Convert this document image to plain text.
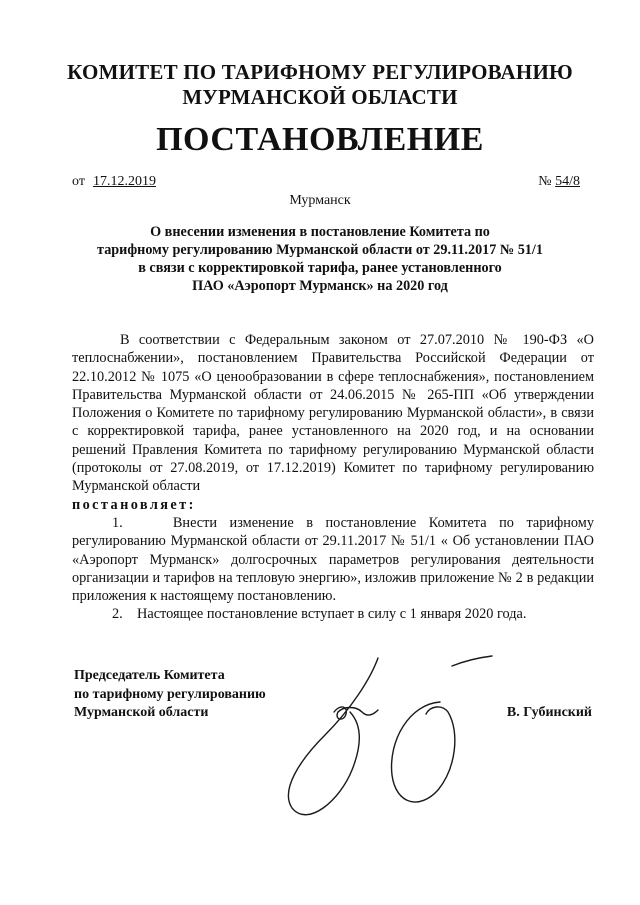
КОМИТЕТ ПО ТАРИФНОМУ РЕГУЛИРОВАНИЮ
МУРМАНСКОЙ ОБЛАСТИ
ПОСТАНОВЛЕНИЕ
от 17.12.2019	№ 54/8
Мурманск
О внесении изменения в постановление Комитета по
тарифному регулированию Мурманской области от 29.11.2017 № 51/1
в связи с корректировкой тарифа, ранее установленного
ПАО «Аэропорт Мурманск» на 2020 год

В соответствии с Федеральным законом от 27.07.2010 № 190-ФЗ «О теплоснабжении», постановлением Правительства Российской Федерации от 22.10.2012 № 1075 «О ценообразовании в сфере теплоснабжения», постановлением Правительства Мурманской области от 24.06.2015 № 265-ПП «Об утверждении Положения о Комитете по тарифному регулированию Мурманской области», в связи с корректировкой тарифа, ранее установленного на 2020 год, и на основании решений Правления Комитета по тарифному регулированию Мурманской области (протоколы от 27.08.2019, от 17.12.2019) Комитет по тарифному регулированию Мурманской области

постановляет:

1.    Внести изменение в постановление Комитета по тарифному регулированию Мурманской области от 29.11.2017 № 51/1 « Об установлении ПАО «Аэропорт Мурманск» долгосрочных параметров регулирования деятельности организации и тарифов на тепловую энергию», изложив приложение № 2 в редакции приложения к настоящему постановлению.

2.    Настоящее постановление вступает в силу с 1 января 2020 года.

Председатель Комитета
по тарифному регулированию
Мурманской области	В. Губинский
